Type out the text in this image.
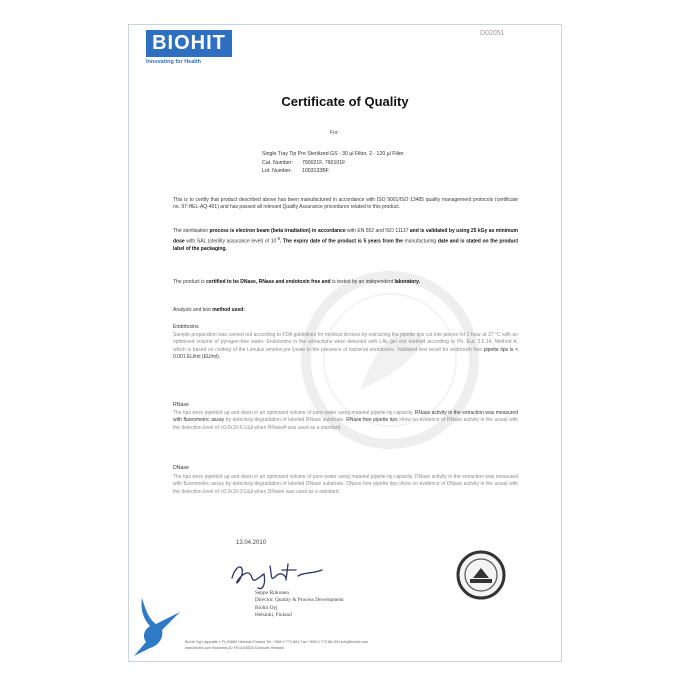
BIOHIT
Innovating for Health
D02051
Certificate of Quality
For:
Single Tray Tip Pre Sterilized GS - 30 µl Filter, 2 - 120 µl Filter
Cat. Number: 790021F, 790101F
Lot. Number: 1003133BF
This is to certify that product described above has been manufactured in accordance with ISO 9001/ISO 13485 quality management protocols (certificate no. 97-HEL-AQ-401) and has passed all relevant Quality Assurance procedures related to this product.
The sterilisation process is electron beam (beta irradiation) in accordance with EN 552 and ISO 11137 and is validated by using 25 kGy as minimum dose with SAL (sterility assurance level) of $10^{-6}$. The expiry date of the product is 5 years from the manufacturing date and is stated on the product label of the packaging.
The product is certified to be DNase, RNase and endotoxin free and is tested by an independent laboratory.
Analysis and test method used:
Endotoxins
Sample preparation was carried out according to FDA guidelines for medical devices by extracting the pipette tips cut into pieces for 1 hour at 37 °C with an optimised volume of pyrogen-free water. Endotoxins in the extractions were detected with LAL gel clot method according to Ph. Eur. 2.6.14, Method A, which is based on clotting of the Limulus amebocyte lysate in the presence of bacterial endotoxins. Validated test result for endotoxin free pipette tips is < 0.001 EU/ml (EU/ml).
RNase
The tips were pipetted up and down in an optimised volume of pure water using material pipette tip capacity. RNase activity in the extraction was measured with fluorometric assay by detecting degradation of labeled RNase substrate. RNase free pipette tips show no evidence of RNase activity in the assay with the detection level of <0.5x10-6 U/µl when RNaseA was used as a standard.
DNase
The tips were pipetted up and down in an optimised volume of pure water using material pipette tip capacity. DNase activity in the extraction was measured with fluorometric assay by detecting degradation of labeled DNase substrate. DNase free pipette tips show no evidence of DNase activity in the assay with the detection level of <0.2x10-3 U/µl when DNaseI was used as a standard.
13.04.2010
Seppo Riikonen
Director, Quality & Process Development
Biohit Oyj
Helsinki, Finland
Biohit Oyj Laippatie 1 FI-00880 Helsinki Finland Tel. +358 9 773 861 Fax +358 9 773 86 200 info@biohit.com
www.biohit.com Business ID FI01016533 Domicile Helsinki
